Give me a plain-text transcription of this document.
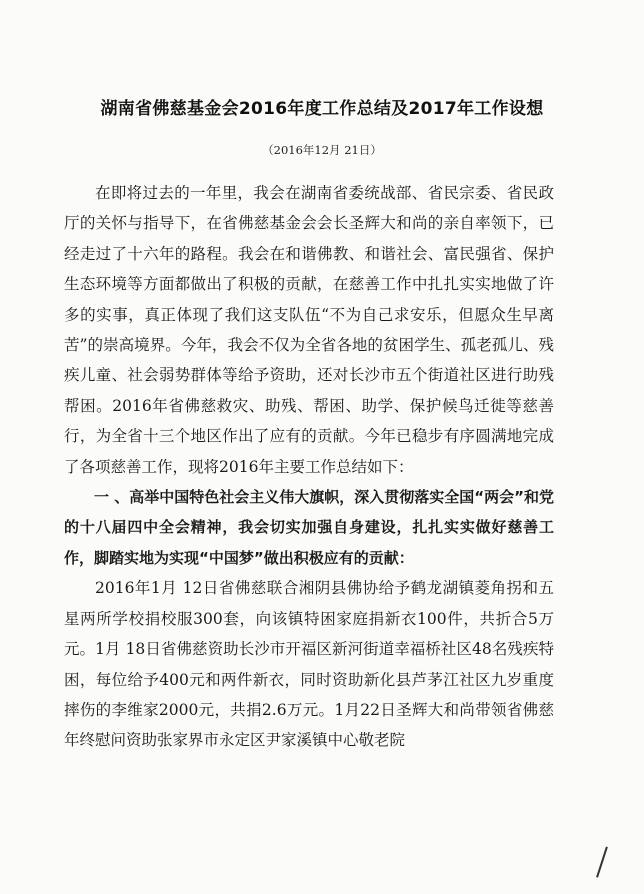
湖南省佛慈基金会2016年度工作总结及2017年工作设想
（2016年12月 21日）

在即将过去的一年里，我会在湖南省委统战部、省民宗委、省民政厅的关怀与指导下，在省佛慈基金会会长圣辉大和尚的亲自率领下，已经走过了十六年的路程。我会在和谐佛教、和谐社会、富民强省、保护生态环境等方面都做出了积极的贡献，在慈善工作中扎扎实实地做了许多的实事，真正体现了我们这支队伍“不为自己求安乐，但愿众生早离苦”的崇高境界。今年，我会不仅为全省各地的贫困学生、孤老孤儿、残疾儿童、社会弱势群体等给予资助，还对长沙市五个街道社区进行助残帮困。2016年省佛慈救灾、助残、帮困、助学、保护候鸟迁徙等慈善行，为全省十三个地区作出了应有的贡献。今年已稳步有序圆满地完成了各项慈善工作，现将2016年主要工作总结如下：

一 、高举中国特色社会主义伟大旗帜，深入贯彻落实全国“两会”和党的十八届四中全会精神，我会切实加强自身建设，扎扎实实做好慈善工作，脚踏实地为实现“中国梦”做出积极应有的贡献：

2016年1月 12日省佛慈联合湘阴县佛协给予鹤龙湖镇菱角拐和五星两所学校捐校服300套，向该镇特困家庭捐新衣100件，共折合5万元。1月 18日省佛慈资助长沙市开福区新河街道幸福桥社区48名残疾特困，每位给予400元和两件新衣，同时资助新化县芦茅江社区九岁重度摔伤的李维家2000元，共捐2.6万元。1月22日圣辉大和尚带领省佛慈年终慰问资助张家界市永定区尹家溪镇中心敬老院
